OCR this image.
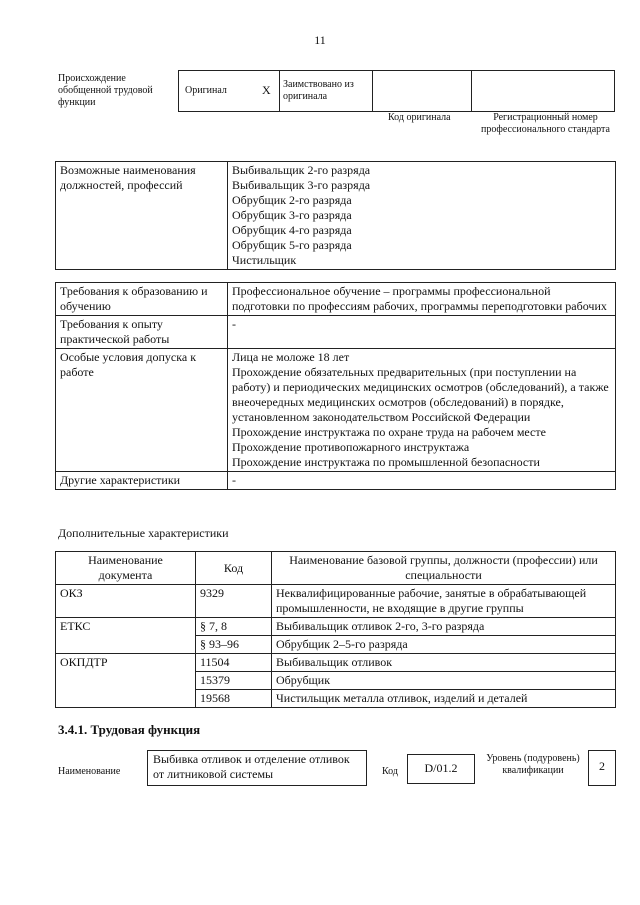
11
Происхождение обобщенной трудовой функции
Оригинал	X Заимствовано из оригинала
Код оригинала	Регистрационный номер профессионального стандарта
Возможные наименования должностей, профессий	
Выбивальщик 2-го разряда
Выбивальщик 3-го разряда
Обрубщик 2-го разряда
Обрубщик 3-го разряда
Обрубщик 4-го разряда
Обрубщик 5-го разряда
Чистильщик
Требования к образованию и обучению	Профессиональное обучение – программы профессиональной подготовки по профессиям рабочих, программы переподготовки рабочих
Требования к опыту практической работы	-
Особые условия допуска к работе	Лица не моложе 18 лет
Прохождение обязательных предварительных (при поступлении на работу) и периодических медицинских осмотров (обследований), а также внеочередных медицинских осмотров (обследований) в порядке, установленном законодательством Российской Федерации
Прохождение инструктажа по охране труда на рабочем месте
Прохождение противопожарного инструктажа
Прохождение инструктажа по промышленной безопасности

Другие характеристики	-
Дополнительные характеристики
Наименование документа	Код	Наименование базовой группы, должности (профессии) или специальности
ОКЗ	9329	Неквалифицированные рабочие, занятые в обрабатывающей промышленности, не входящие в другие группы
ЕТКС	§ 7, 8	Выбивальщик отливок 2-го, 3-го разряда
	§ 93–96	Обрубщик 2–5-го разряда
ОКПДТР	11504	Выбивальщик отливок
	15379	Обрубщик
	19568	Чистильщик металла отливок, изделий и деталей
3.4.1. Трудовая функция
Наименование
Выбивка отливок и отделение отливок от литниковой системы	Код	D/01.2
Уровень (подуровень) квалификации	2
